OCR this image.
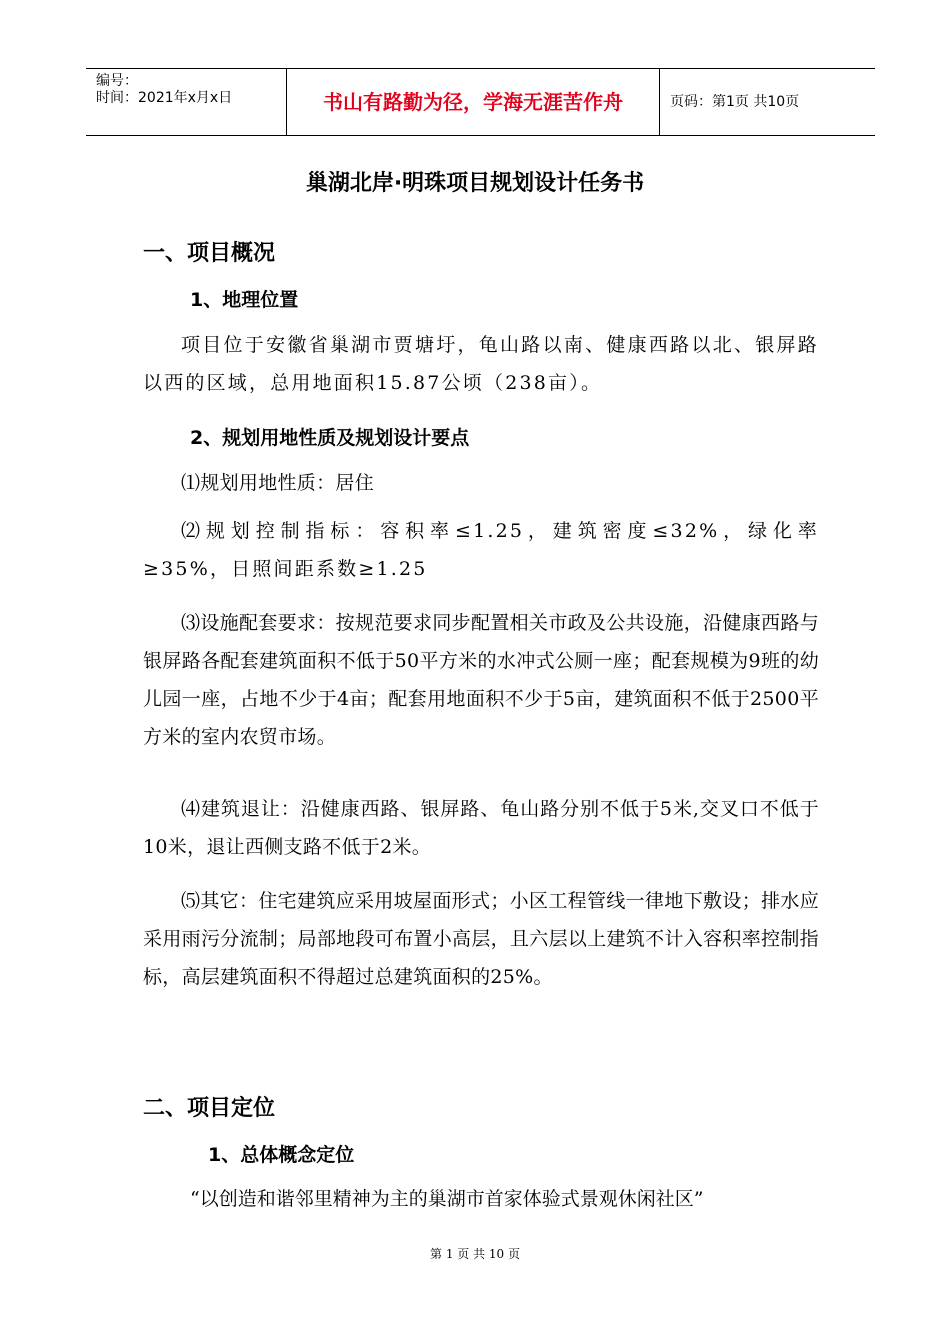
编号：
时间：2021年x月x日	书山有路勤为径，学海无涯苦作舟	页码：第1页 共10页
巢湖北岸·明珠项目规划设计任务书
一、项目概况
1、地理位置
项目位于安徽省巢湖市贾塘圩，龟山路以南、健康西路以北、银屏路以西的区域，总用地面积15.87公顷（238亩）。
2、规划用地性质及规划设计要点
⑴规划用地性质：居住
⑵规划控制指标：容积率≤1.25，建筑密度≤32%，绿化率≥35%，日照间距系数≥1.25
⑶设施配套要求：按规范要求同步配置相关市政及公共设施，沿健康西路与银屏路各配套建筑面积不低于50平方米的水冲式公厕一座；配套规模为9班的幼儿园一座，占地不少于4亩；配套用地面积不少于5亩，建筑面积不低于2500平方米的室内农贸市场。
⑷建筑退让：沿健康西路、银屏路、龟山路分别不低于5米,交叉口不低于10米，退让西侧支路不低于2米。
⑸其它：住宅建筑应采用坡屋面形式；小区工程管线一律地下敷设；排水应采用雨污分流制；局部地段可布置小高层，且六层以上建筑不计入容积率控制指标，高层建筑面积不得超过总建筑面积的25%。
二、项目定位
1、总体概念定位
“以创造和谐邻里精神为主的巢湖市首家体验式景观休闲社区”
第 1 页 共 10 页
